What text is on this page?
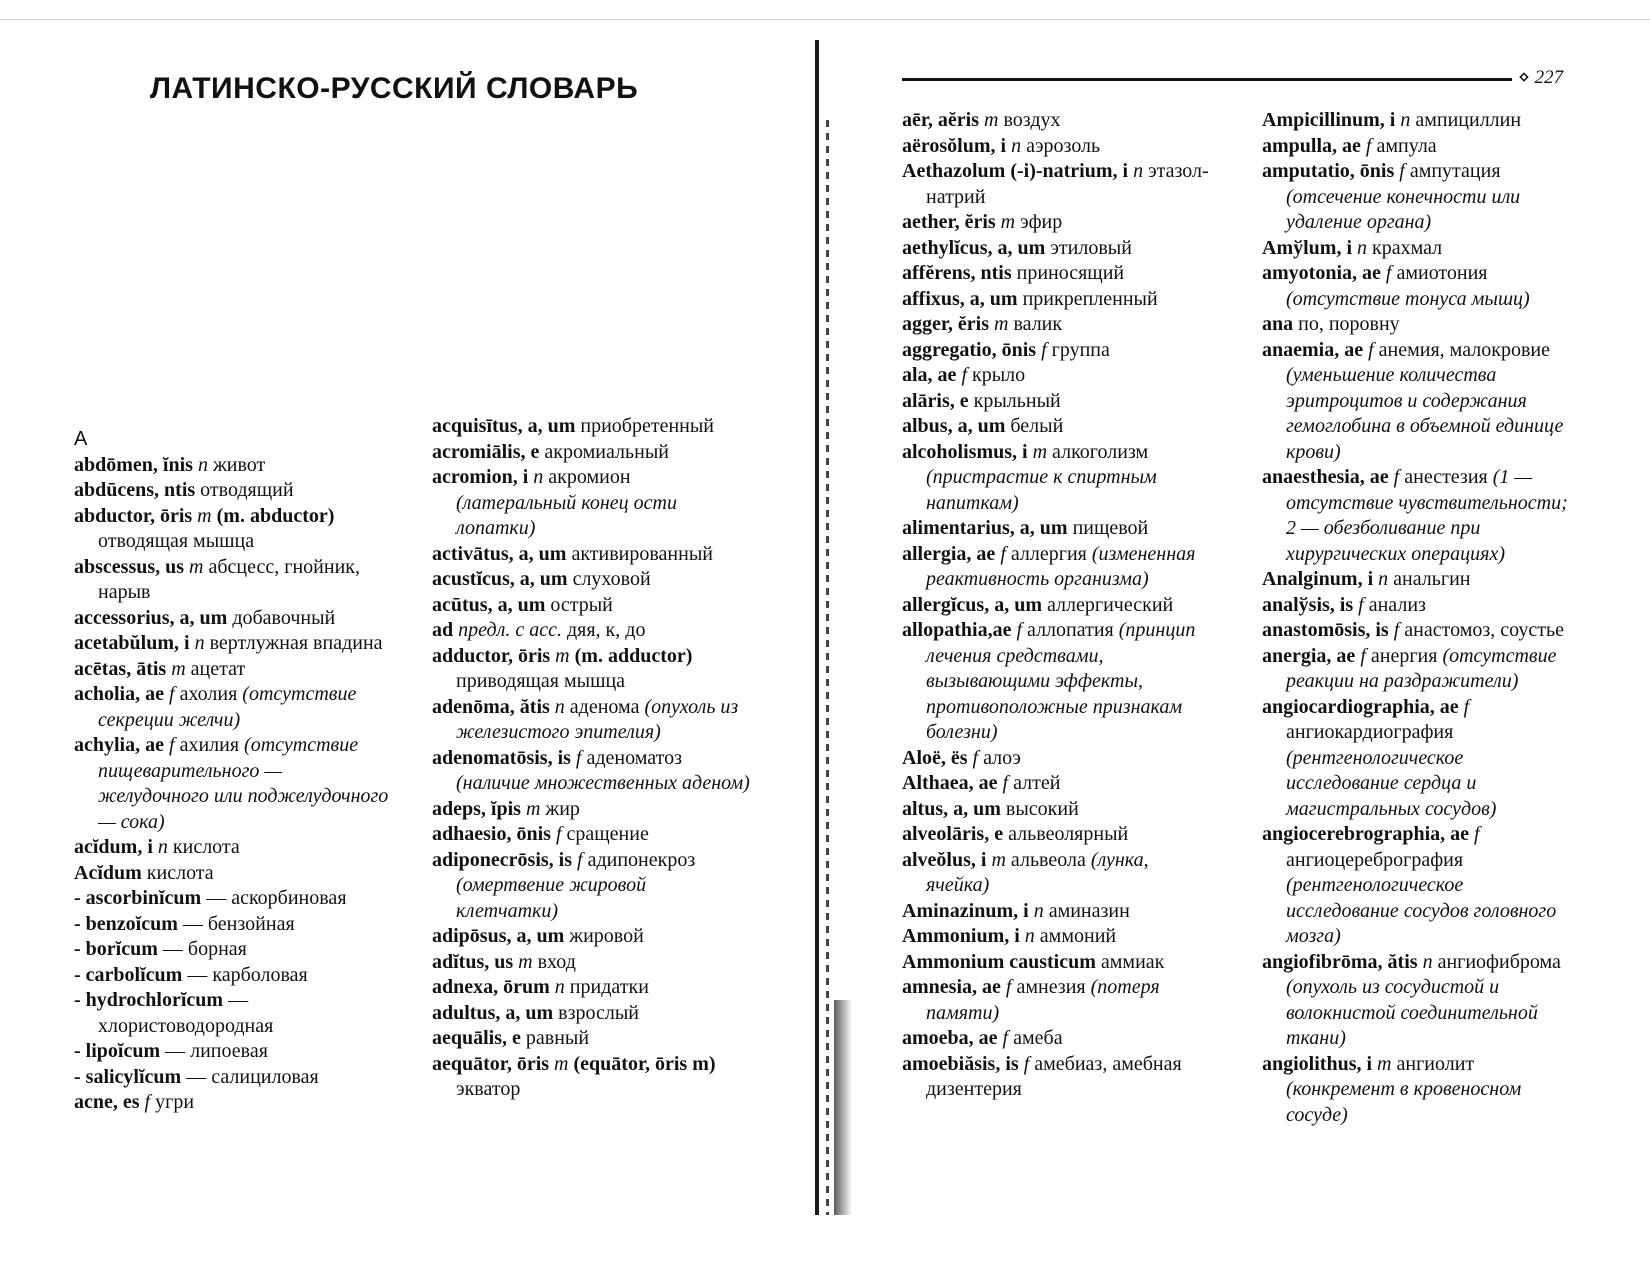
ЛАТИНСКО-РУССКИЙ СЛОВАРЬ	⋄ 227

A

abdōmen, ĭnis n живот

abdūcens, ntis отводящий

abductor, ōris m (m. abductor) отводящая мышца

abscessus, us m абсцесс, гнойник, нарыв

accessorius, a, um добавочный

acetabŭlum, i n вертлужная впадина

acētas, ātis m ацетат

acholia, ae f ахолия (отсутствие секреции желчи)

achylia, ae f ахилия (отсутствие пищеварительного — желудочного или поджелудочного — сока)

acĭdum, i n кислота

Acĭdum кислота

- ascorbinĭcum — аскорбиновая

- benzoĭcum — бензойная

- borĭcum — борная

- carbolĭcum — карболовая

- hydrochlorĭcum — хлористоводородная

- lipoĭcum — липоевая

- salicylĭcum — салициловая

acne, es f угри

acquisītus, a, um приобретенный

acromiālis, e акромиальный

acromion, i n акромион (латеральный конец ости лопатки)

activātus, a, um активированный

acustĭcus, a, um слуховой

acūtus, a, um острый

ad предл. с acc. дяя, к, до

adductor, ōris m (m. adductor) приводящая мышца

adenōma, ătis n аденома (опухоль из железистого эпителия)

adenomatōsis, is f аденоматоз (наличие множественных аденом)

adeps, ĭpis m жир

adhaesio, ōnis f сращение

adiponecrōsis, is f адипонекроз (омертвение жировой клетчатки)

adipōsus, a, um жировой

adĭtus, us m вход

adnexa, ōrum n придатки

adultus, a, um взрослый

aequālis, e равный

aequātor, ōris m (equātor, ōris m) экватор

aēr, aĕris m воздух

aërosŏlum, i n аэрозоль

Aethazolum (-i)-natrium, i n этазол-натрий

aether, ĕris m эфир

aethylĭcus, a, um этиловый

affĕrens, ntis приносящий

affixus, a, um прикрепленный

agger, ĕris m валик

aggregatio, ōnis f группа

ala, ae f крыло

alāris, e крыльный

albus, a, um белый

alcoholismus, i m алкоголизм (пристрастие к спиртным напиткам)

alimentarius, a, um пищевой

allergia, ae f аллергия (измененная реактивность организма)

allergĭcus, a, um аллергический

allopathia,ae f аллопатия (принцип лечения средствами, вызывающими эффекты, противоположные признакам болезни)

Aloë, ës f алоэ

Althaea, ae f алтей

altus, a, um высокий

alveolāris, e альвеолярный

alveŏlus, i m альвеола (лунка, ячейка)

Aminazinum, i n аминазин

Ammonium, i n аммоний

Ammonium causticum аммиак

amnesia, ae f амнезия (потеря памяти)

amoeba, ae f амеба

amoebiăsis, is f амебиаз, амебная дизентерия

Ampicillinum, i n ампициллин

ampulla, ae f ампула

amputatio, ōnis f ампутация (отсечение конечности или удаление органа)

Amўlum, i n крахмал

amyotonia, ae f амиотония (отсутствие тонуса мышц)

ana по, поровну

anaemia, ae f анемия, малокровие (уменьшение количества эритроцитов и содержания гемоглобина в объемной единице крови)

anaesthesia, ae f анестезия (1 — отсутствие чувствительности; 2 — обезболивание при хирургических операциях)

Analginum, i n анальгин

analўsis, is f анализ

anastomōsis, is f анастомоз, соустье

anergia, ae f анергия (отсутствие реакции на раздражители)

angiocardiographia, ae f ангиокардиография (рентгенологическое исследование сердца и магистральных сосудов)

angiocerebrographia, ae f ангиоцеребрография (рентгенологическое исследование сосудов головного мозга)

angiofibrōma, ătis n ангиофиброма (опухоль из сосудистой и волокнистой соединительной ткани)

angiolithus, i m ангиолит (конкремент в кровеносном сосуде)
